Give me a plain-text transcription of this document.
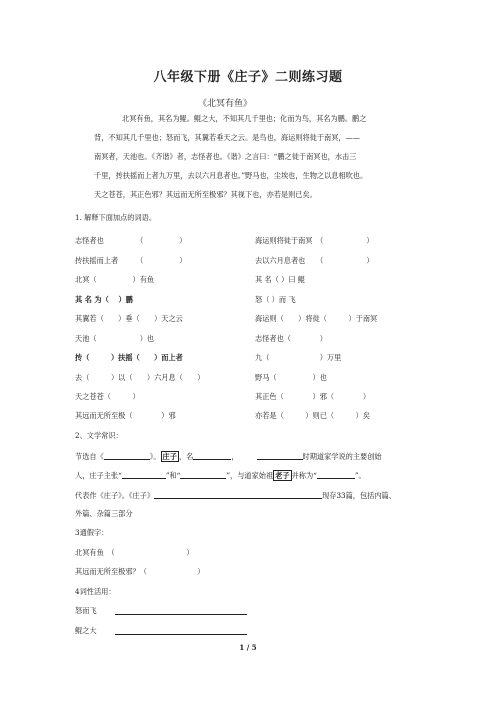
八年级下册《庄子》二则练习题
《北冥有鱼》
北冥有鱼，其名为鲲。鲲之大，不知其几千里也；化而为鸟，其名为鹏。鹏之
背，不知其几千里也；怒而飞，其翼若垂天之云。是鸟也，海运则将徙于南冥，——
南冥者，天池也。《齐谐》者，志怪者也。《谐》之言曰：“鹏之徙于南冥也，水击三
千里，抟扶摇而上者九万里，去以六月息者也。”野马也，尘埃也，生物之以息相吹也。
天之苍苍，其正色邪？其远而无所至极邪？其视下也，亦若是则已矣。
1. 解释下面加点的词语。
志怪者也　　　　　（　　　　　）	海运则将徙于南冥　（　　　　　　）
抟扶摇而上者　　　（　　　　　）	去以六月息者也　　（　　　　　　）
北冥（　　　　　）有鱼	其 名（ ）曰 鲲
其 名 为（　 ）鹏	怒（ ）而 飞
其翼若（　　）垂（　　）天之云	海运则（　　）将徙（　　　）于南冥
天池（　　　　　　）也	志怪者也（　　　　）
抟（　　　）扶摇（　　）而上者	九（　　　　　　　）万里
去（　　　）以（　　）六月息（　　）	野马（　　　　　）也
天之苍苍（　　　）	其正色（　　　　）邪（　　　　）
其远而无所至极（　　　　）邪	亦若是（　　　）则已（　　　）矣
2、文学常识：
节选自《	》。 庄子 ，名	，	时期道家学说的主要创始
人，庄子主张“	”和“	”，与道家始祖 老子 并称为“	”。
代表作《庄子》。《庄子》	现存33篇，包括内篇、
外篇、杂篇三部分
3通假字：
北冥有鱼　（　　　　　　　　　　）
其远而无所至极邪？（　　　　　　　）
4词性活用：
怒而飞
鲲之大
1 / 5
